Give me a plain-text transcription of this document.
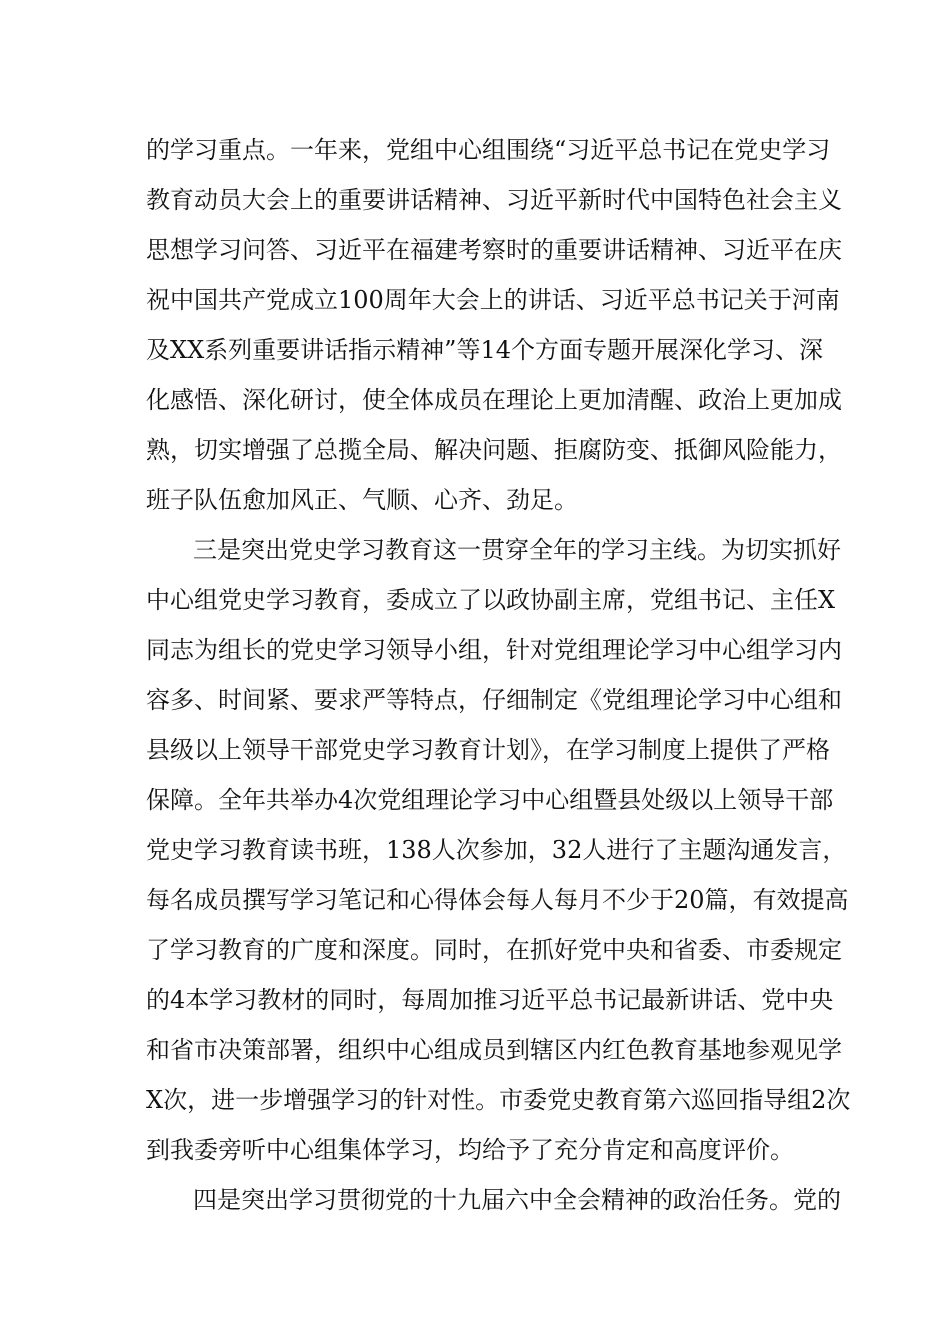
的学习重点。一年来，党组中心组围绕“习近平总书记在党史学习
教育动员大会上的重要讲话精神、习近平新时代中国特色社会主义
思想学习问答、习近平在福建考察时的重要讲话精神、习近平在庆
祝中国共产党成立100周年大会上的讲话、习近平总书记关于河南
及XX系列重要讲话指示精神”等14个方面专题开展深化学习、深
化感悟、深化研讨，使全体成员在理论上更加清醒、政治上更加成
熟，切实增强了总揽全局、解决问题、拒腐防变、抵御风险能力，
班子队伍愈加风正、气顺、心齐、劲足。
三是突出党史学习教育这一贯穿全年的学习主线。为切实抓好
中心组党史学习教育，委成立了以政协副主席，党组书记、主任X
同志为组长的党史学习领导小组，针对党组理论学习中心组学习内
容多、时间紧、要求严等特点，仔细制定《党组理论学习中心组和
县级以上领导干部党史学习教育计划》，在学习制度上提供了严格
保障。全年共举办4次党组理论学习中心组暨县处级以上领导干部
党史学习教育读书班，138人次参加，32人进行了主题沟通发言，
每名成员撰写学习笔记和心得体会每人每月不少于20篇，有效提高
了学习教育的广度和深度。同时，在抓好党中央和省委、市委规定
的4本学习教材的同时，每周加推习近平总书记最新讲话、党中央
和省市决策部署，组织中心组成员到辖区内红色教育基地参观见学
X次，进一步增强学习的针对性。市委党史教育第六巡回指导组2次
到我委旁听中心组集体学习，均给予了充分肯定和高度评价。
四是突出学习贯彻党的十九届六中全会精神的政治任务。党的
